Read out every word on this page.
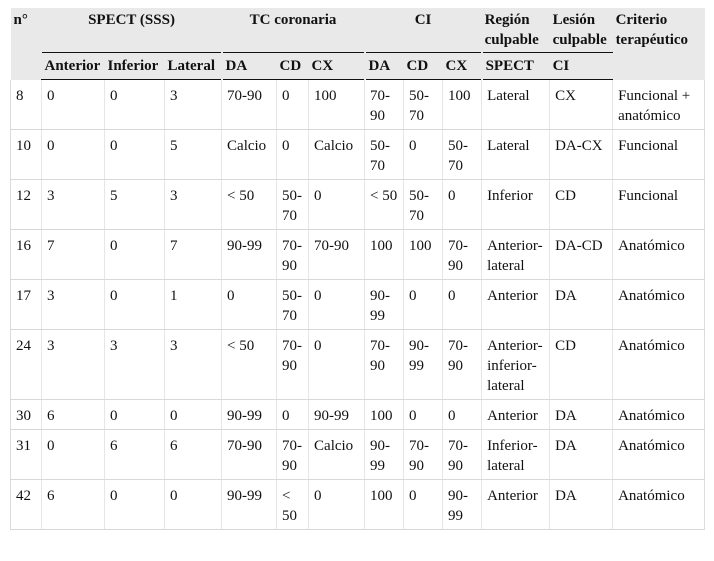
n°	SPECT (SSS)			TC coronaria			CI			Región culpable	Lesión culpable	Criterio terapéutico
	Anterior	Inferior	Lateral	DA	CD	CX	DA	CD	CX	SPECT	CI	
8	0	0	3	70-90	0	100	70-90	50-70	100	Lateral	CX	Funcional + anatómico
10	0	0	5	Calcio	0	Calcio	50-70	0	50-70	Lateral	DA-CX	Funcional
12	3	5	3	< 50	50-70	0	< 50	50-70	0	Inferior	CD	Funcional
16	7	0	7	90-99	70-90	70-90	100	100	70-90	Anterior-lateral	DA-CD	Anatómico
17	3	0	1	0	50-70	0	90-99	0	0	Anterior	DA	Anatómico
24	3	3	3	< 50	70-90	0	70-90	90-99	70-90	Anterior-inferior-lateral	CD	Anatómico
30	6	0	0	90-99	0	90-99	100	0	0	Anterior	DA	Anatómico
31	0	6	6	70-90	70-90	Calcio	90-99	70-90	70-90	Inferior-lateral	DA	Anatómico
42	6	0	0	90-99	< 50	0	100	0	90-99	Anterior	DA	Anatómico
